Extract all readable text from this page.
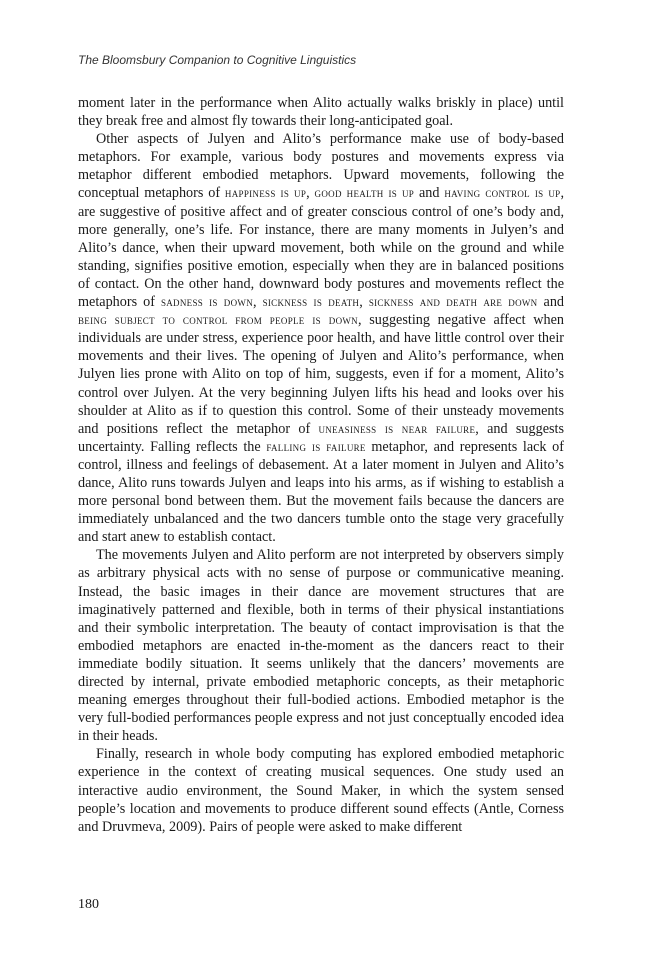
The Bloomsbury Companion to Cognitive Linguistics

moment later in the performance when Alito actually walks briskly in place) until they break free and almost fly towards their long-anticipated goal.

Other aspects of Julyen and Alito’s performance make use of body-based metaphors. For example, various body postures and movements express via metaphor different embodied metaphors. Upward movements, following the conceptual metaphors of happiness is up, good health is up and having control is up, are suggestive of positive affect and of greater conscious control of one’s body and, more generally, one’s life. For instance, there are many moments in Julyen’s and Alito’s dance, when their upward movement, both while on the ground and while standing, signifies positive emotion, especially when they are in balanced positions of contact. On the other hand, downward body postures and movements reflect the metaphors of sadness is down, sickness is death, sickness and death are down and being subject to control from people is down, suggesting negative affect when individuals are under stress, experience poor health, and have little control over their movements and their lives. The opening of Julyen and Alito’s performance, when Julyen lies prone with Alito on top of him, suggests, even if for a moment, Alito’s control over Julyen. At the very beginning Julyen lifts his head and looks over his shoulder at Alito as if to question this control. Some of their unsteady movements and positions reflect the metaphor of uneasiness is near failure, and suggests uncertainty. Falling reflects the falling is failure metaphor, and represents lack of control, illness and feelings of debasement. At a later moment in Julyen and Alito’s dance, Alito runs towards Julyen and leaps into his arms, as if wishing to establish a more personal bond between them. But the movement fails because the dancers are immediately unbalanced and the two dancers tumble onto the stage very gracefully and start anew to establish contact.

The movements Julyen and Alito perform are not interpreted by observers simply as arbitrary physical acts with no sense of purpose or communicative meaning. Instead, the basic images in their dance are movement structures that are imaginatively patterned and flexible, both in terms of their physical instantiations and their symbolic interpretation. The beauty of contact improvisation is that the embodied metaphors are enacted in-the-moment as the dancers react to their immediate bodily situation. It seems unlikely that the dancers’ movements are directed by internal, private embodied metaphoric concepts, as their metaphoric meaning emerges throughout their full-bodied actions. Embodied metaphor is the very full-bodied performances people express and not just conceptually encoded idea in their heads.

Finally, research in whole body computing has explored embodied metaphoric experience in the context of creating musical sequences. One study used an interactive audio environment, the Sound Maker, in which the system sensed people’s location and movements to produce different sound effects (Antle, Corness and Druvmeva, 2009). Pairs of people were asked to make different

180
